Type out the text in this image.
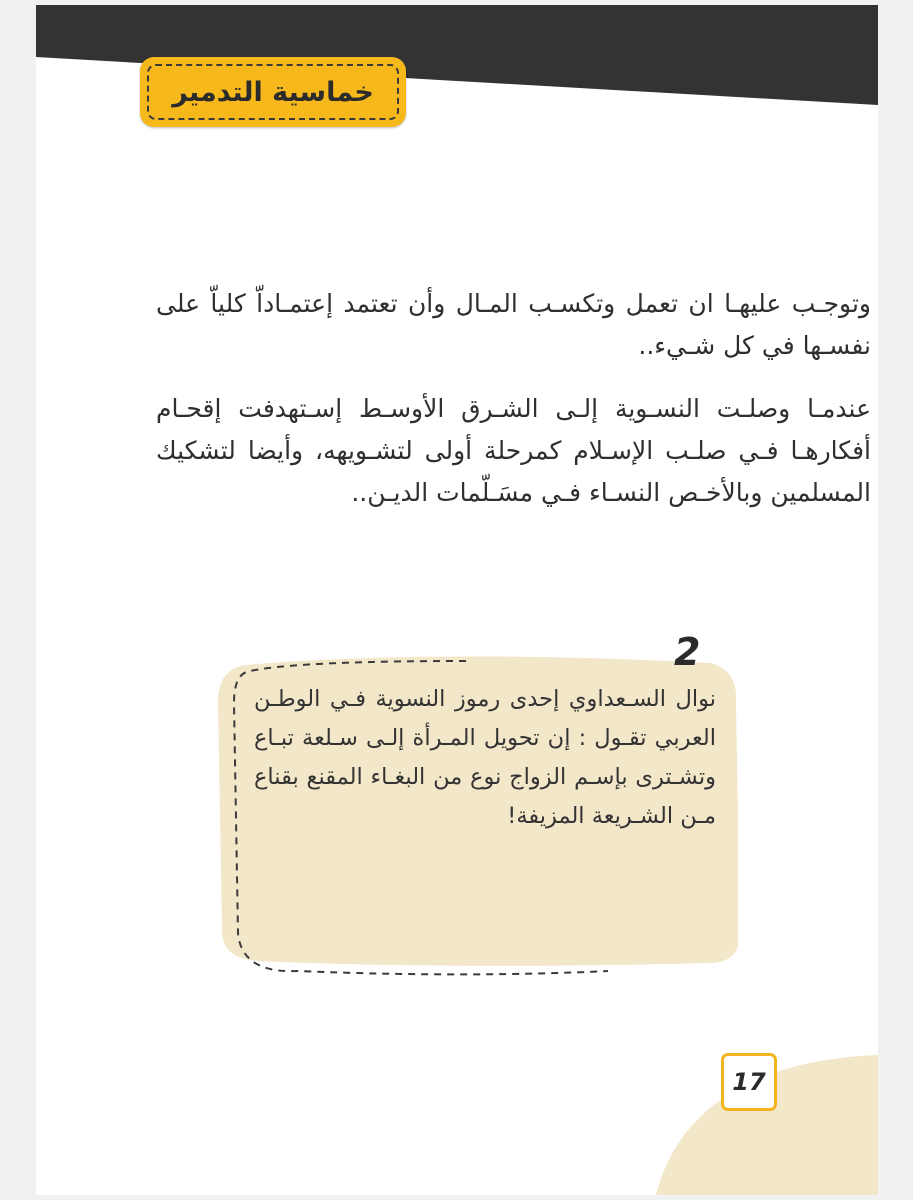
خماسية التدمير

وتوجـب عليهـا ان تعمل وتكسـب المـال وأن تعتمد إعتمـاداّ كلياّ على نفسـها في كل شـيء..

عندمـا وصلـت النسـوية إلـى الشـرق الأوسـط إسـتهدفت إقحـام أفكارهـا فـي صلـب الإسـلام كمرحلة أولى لتشـويهه، وأيضا لتشكيك المسلمين وبالأخـص النسـاء فـي مسَـلّمات الديـن..

2

نوال السـعداوي إحدى رموز النسوية فـي الوطـن العربي تقـول : إن تحويل المـرأة إلـى سـلعة تبـاع وتشـترى بإسـم الزواج نوع من البغـاء المقنع بقناع مـن الشـريعة المزيفة!

17
